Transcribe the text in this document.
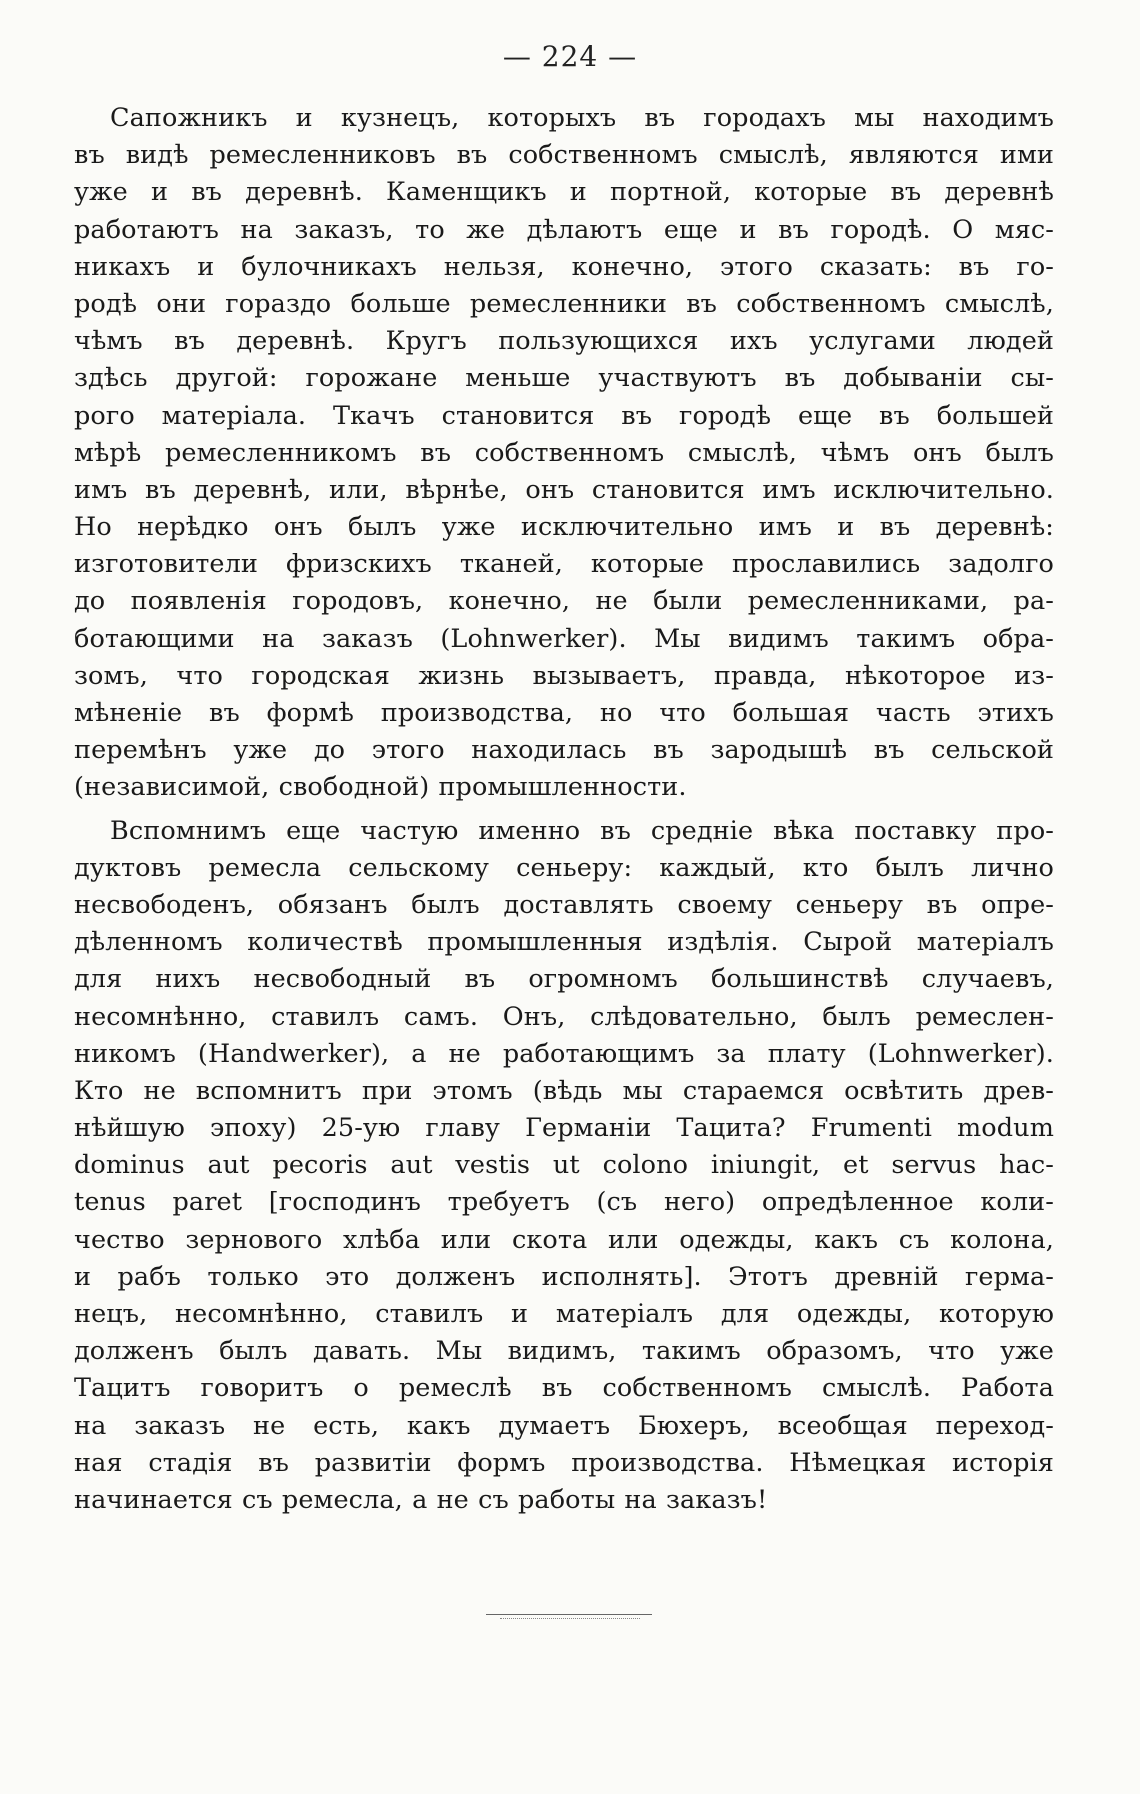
— 224 —
Сапожникъ и кузнецъ, которыхъ въ городахъ мы находимъ
въ видѣ ремесленниковъ въ собственномъ смыслѣ, являются ими
уже и въ деревнѣ. Каменщикъ и портной, которые въ деревнѣ
работаютъ на заказъ, то же дѣлаютъ еще и въ городѣ. О мяс-
никахъ и булочникахъ нельзя, конечно, этого сказать: въ го-
родѣ они гораздо больше ремесленники въ собственномъ смыслѣ,
чѣмъ въ деревнѣ. Кругъ пользующихся ихъ услугами людей
здѣсь другой: горожане меньше участвуютъ въ добываніи сы-
рого матеріала. Ткачъ становится въ городѣ еще въ большей
мѣрѣ ремесленникомъ въ собственномъ смыслѣ, чѣмъ онъ былъ
имъ въ деревнѣ, или, вѣрнѣе, онъ становится имъ исключительно.
Но нерѣдко онъ былъ уже исключительно имъ и въ деревнѣ:
изготовители фризскихъ тканей, которые прославились задолго
до появленія городовъ, конечно, не были ремесленниками, ра-
ботающими на заказъ (Lohnwerker). Мы видимъ такимъ обра-
зомъ, что городская жизнь вызываетъ, правда, нѣкоторое из-
мѣненіе въ формѣ производства, но что большая часть этихъ
перемѣнъ уже до этого находилась въ зародышѣ въ сельской
(независимой, свободной) промышленности.
Вспомнимъ еще частую именно въ средніе вѣка поставку про-
дуктовъ ремесла сельскому сеньеру: каждый, кто былъ лично
несвободенъ, обязанъ былъ доставлять своему сеньеру въ опре-
дѣленномъ количествѣ промышленныя издѣлія. Сырой матеріалъ
для нихъ несвободный въ огромномъ большинствѣ случаевъ,
несомнѣнно, ставилъ самъ. Онъ, слѣдовательно, былъ ремеслен-
никомъ (Handwerker), а не работающимъ за плату (Lohnwerker).
Кто не вспомнитъ при этомъ (вѣдь мы стараемся освѣтить древ-
нѣйшую эпоху) 25-ую главу Германіи Тацита? Frumenti modum
dominus aut pecoris aut vestis ut colono iniungit, et servus hac-
tenus paret [господинъ требуетъ (съ него) опредѣленное коли-
чество зернового хлѣба или скота или одежды, какъ съ колона,
и рабъ только это долженъ исполнять]. Этотъ древній герма-
нецъ, несомнѣнно, ставилъ и матеріалъ для одежды, которую
долженъ былъ давать. Мы видимъ, такимъ образомъ, что уже
Тацитъ говоритъ о ремеслѣ въ собственномъ смыслѣ. Работа
на заказъ не есть, какъ думаетъ Бюхеръ, всеобщая переход-
ная стадія въ развитіи формъ производства. Нѣмецкая исторія
начинается съ ремесла, а не съ работы на заказъ!
